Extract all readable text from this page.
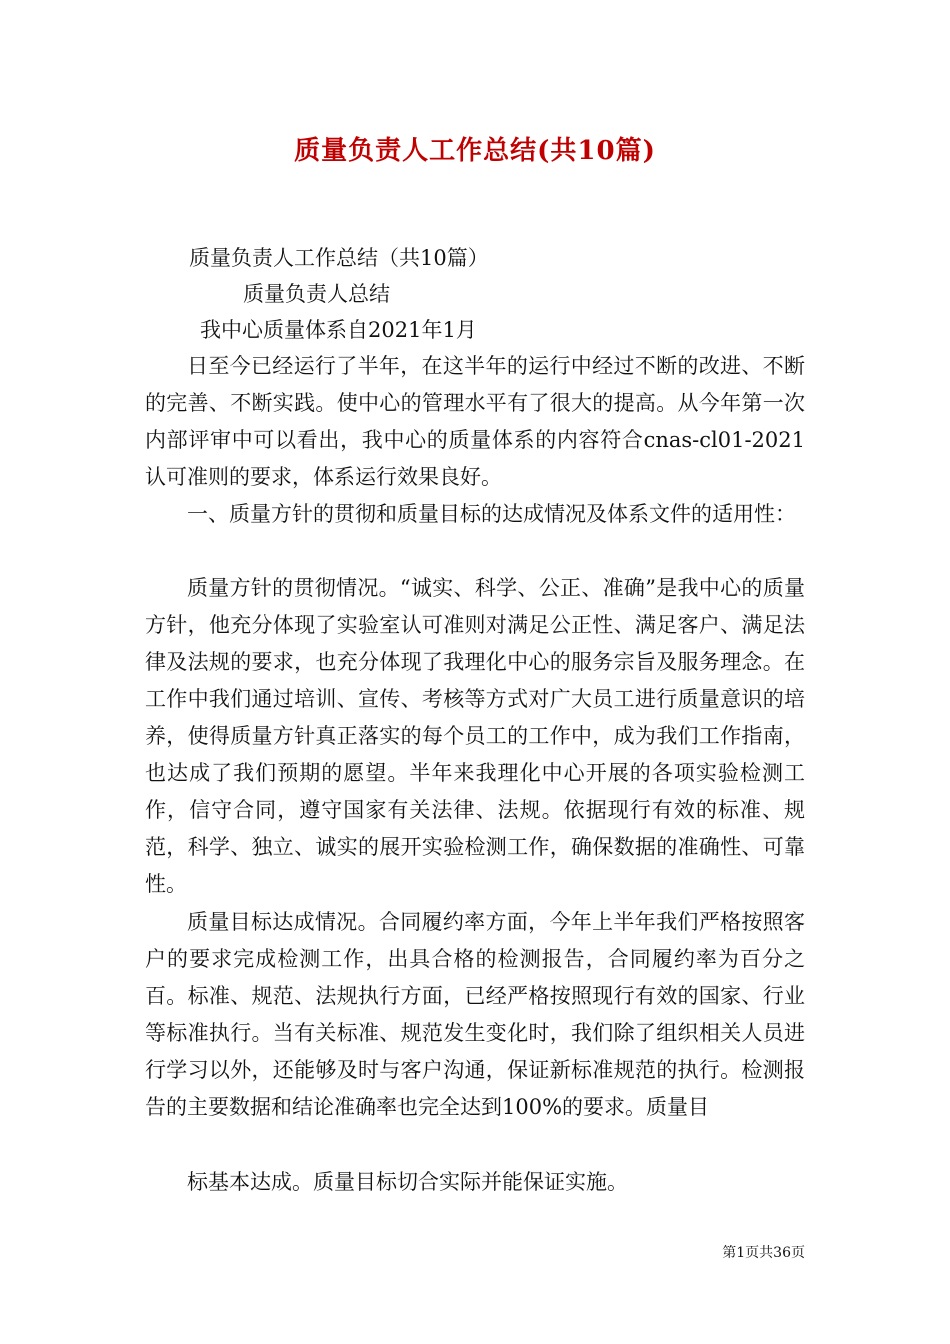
质量负责人工作总结(共10篇)
质量负责人工作总结（共10篇）
质量负责人总结
我中心质量体系自2021年1月

日至今已经运行了半年，在这半年的运行中经过不断的改进、不断的完善、不断实践。使中心的管理水平有了很大的提高。从今年第一次内部评审中可以看出，我中心的质量体系的内容符合cnas-cl01-2021认可准则的要求，体系运行效果良好。

一、质量方针的贯彻和质量目标的达成情况及体系文件的适用性：

质量方针的贯彻情况。“诚实、科学、公正、准确”是我中心的质量方针，他充分体现了实验室认可准则对满足公正性、满足客户、满足法律及法规的要求，也充分体现了我理化中心的服务宗旨及服务理念。在工作中我们通过培训、宣传、考核等方式对广大员工进行质量意识的培养，使得质量方针真正落实的每个员工的工作中，成为我们工作指南，也达成了我们预期的愿望。半年来我理化中心开展的各项实验检测工作，信守合同，遵守国家有关法律、法规。依据现行有效的标准、规范，科学、独立、诚实的展开实验检测工作，确保数据的准确性、可靠性。

质量目标达成情况。合同履约率方面，今年上半年我们严格按照客户的要求完成检测工作，出具合格的检测报告，合同履约率为百分之百。标准、规范、法规执行方面，已经严格按照现行有效的国家、行业等标准执行。当有关标准、规范发生变化时，我们除了组织相关人员进行学习以外，还能够及时与客户沟通，保证新标准规范的执行。检测报告的主要数据和结论准确率也完全达到100%的要求。质量目

标基本达成。质量目标切合实际并能保证实施。

第1页共36页
